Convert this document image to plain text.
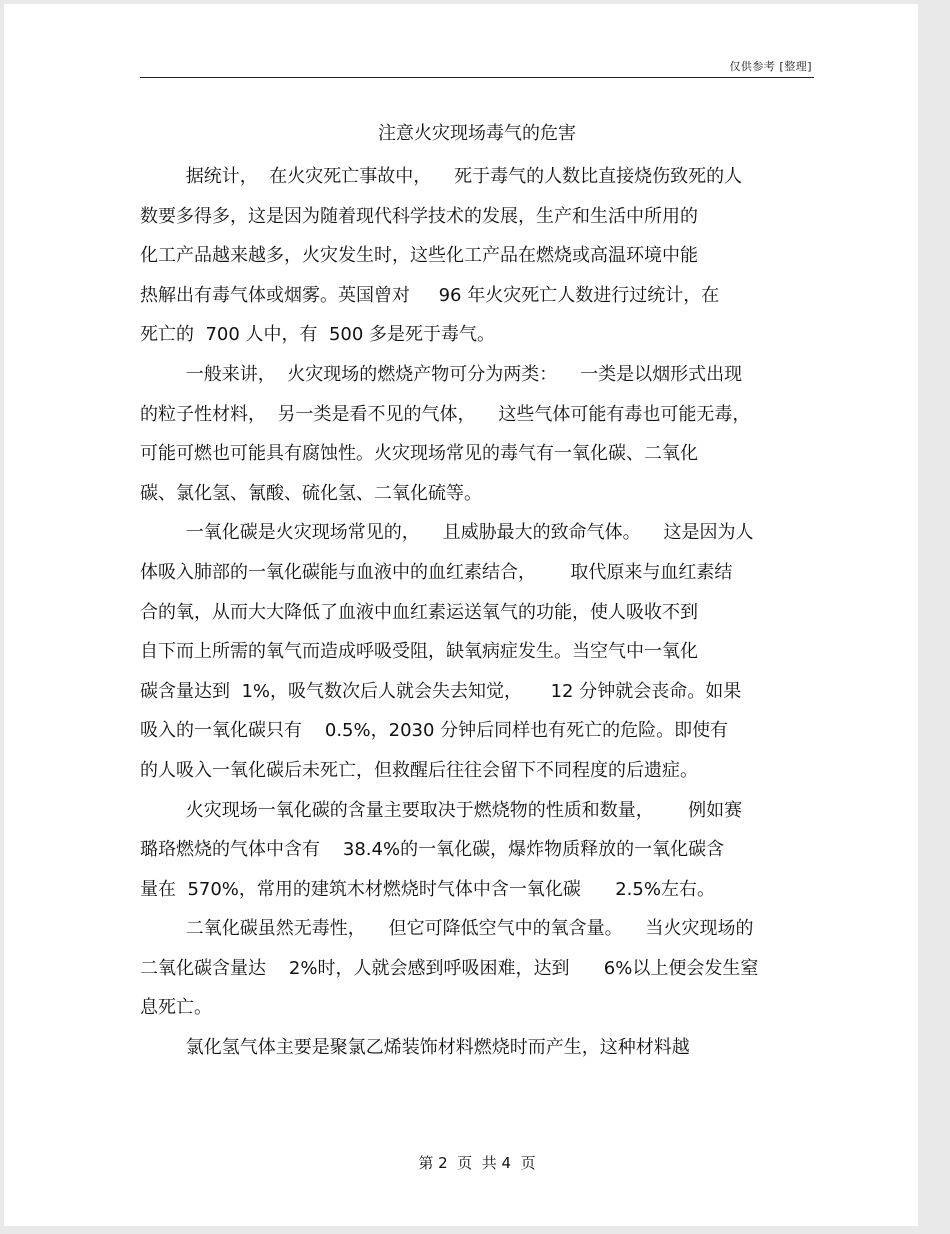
仅供参考 [整理]
注意火灾现场毒气的危害
据统计，  在火灾死亡事故中，    死于毒气的人数比直接烧伤致死的人
数要多得多，这是因为随着现代科学技术的发展，生产和生活中所用的
化工产品越来越多，火灾发生时，这些化工产品在燃烧或高温环境中能
热解出有毒气体或烟雾。英国曾对     96 年火灾死亡人数进行过统计，在
死亡的  700 人中，有  500 多是死于毒气。
一般来讲，  火灾现场的燃烧产物可分为两类：    一类是以烟形式出现
的粒子性材料，  另一类是看不见的气体，    这些气体可能有毒也可能无毒，
可能可燃也可能具有腐蚀性。火灾现场常见的毒气有一氧化碳、二氧化
碳、氯化氢、氰酸、硫化氢、二氧化硫等。
一氧化碳是火灾现场常见的，    且威胁最大的致命气体。    这是因为人
体吸入肺部的一氧化碳能与血液中的血红素结合，      取代原来与血红素结
合的氧，从而大大降低了血液中血红素运送氧气的功能，使人吸收不到
自下而上所需的氧气而造成呼吸受阻，缺氧病症发生。当空气中一氧化
碳含量达到  1%，吸气数次后人就会失去知觉，     12 分钟就会丧命。如果
吸入的一氧化碳只有    0.5%，2030 分钟后同样也有死亡的危险。即使有
的人吸入一氧化碳后未死亡，但救醒后往往会留下不同程度的后遗症。
火灾现场一氧化碳的含量主要取决于燃烧物的性质和数量，      例如赛
璐珞燃烧的气体中含有    38.4%的一氧化碳，爆炸物质释放的一氧化碳含
量在  570%，常用的建筑木材燃烧时气体中含一氧化碳      2.5%左右。
二氧化碳虽然无毒性，    但它可降低空气中的氧含量。    当火灾现场的
二氧化碳含量达    2%时，人就会感到呼吸困难，达到      6%以上便会发生窒
息死亡。
氯化氢气体主要是聚氯乙烯装饰材料燃烧时而产生，这种材料越
第 2  页  共 4  页
